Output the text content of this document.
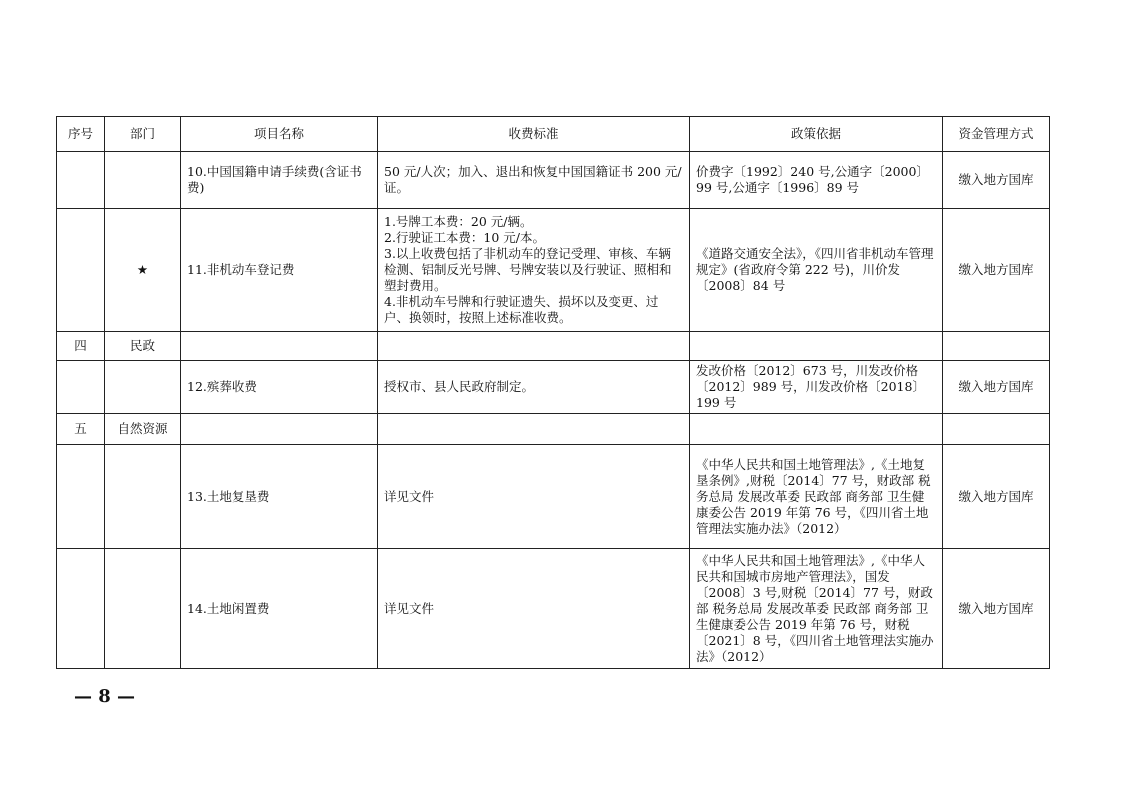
序号	部门	项目名称	收费标准	政策依据	资金管理方式
		10.中国国籍申请手续费(含证书费)	50 元/人次；加入、退出和恢复中国国籍证书 200 元/证。	价费字〔1992〕240 号,公通字〔2000〕99 号,公通字〔1996〕89 号	缴入地方国库
	★	11.非机动车登记费	1.号牌工本费：20 元/辆。
2.行驶证工本费：10 元/本。
3.以上收费包括了非机动车的登记受理、审核、车辆检测、铝制反光号牌、号牌安装以及行驶证、照相和塑封费用。
4.非机动车号牌和行驶证遗失、损坏以及变更、过户、换领时，按照上述标准收费。	《道路交通安全法》，《四川省非机动车管理规定》(省政府令第 222 号)，川价发〔2008〕84 号	缴入地方国库
四	民政				
		12.殡葬收费	授权市、县人民政府制定。	发改价格〔2012〕673 号，川发改价格〔2012〕989 号，川发改价格〔2018〕199 号	缴入地方国库
五	自然资源				
		13.土地复垦费	详见文件	《中华人民共和国土地管理法》,《土地复垦条例》,财税〔2014〕77 号，财政部 税务总局 发展改革委 民政部 商务部 卫生健康委公告 2019 年第 76 号，《四川省土地管理法实施办法》（2012）	缴入地方国库
		14.土地闲置费	详见文件	《中华人民共和国土地管理法》,《中华人民共和国城市房地产管理法》，国发〔2008〕3 号,财税〔2014〕77 号，财政部 税务总局 发展改革委 民政部 商务部 卫生健康委公告 2019 年第 76 号，财税〔2021〕8 号，《四川省土地管理法实施办法》（2012）	缴入地方国库
— 8 —
